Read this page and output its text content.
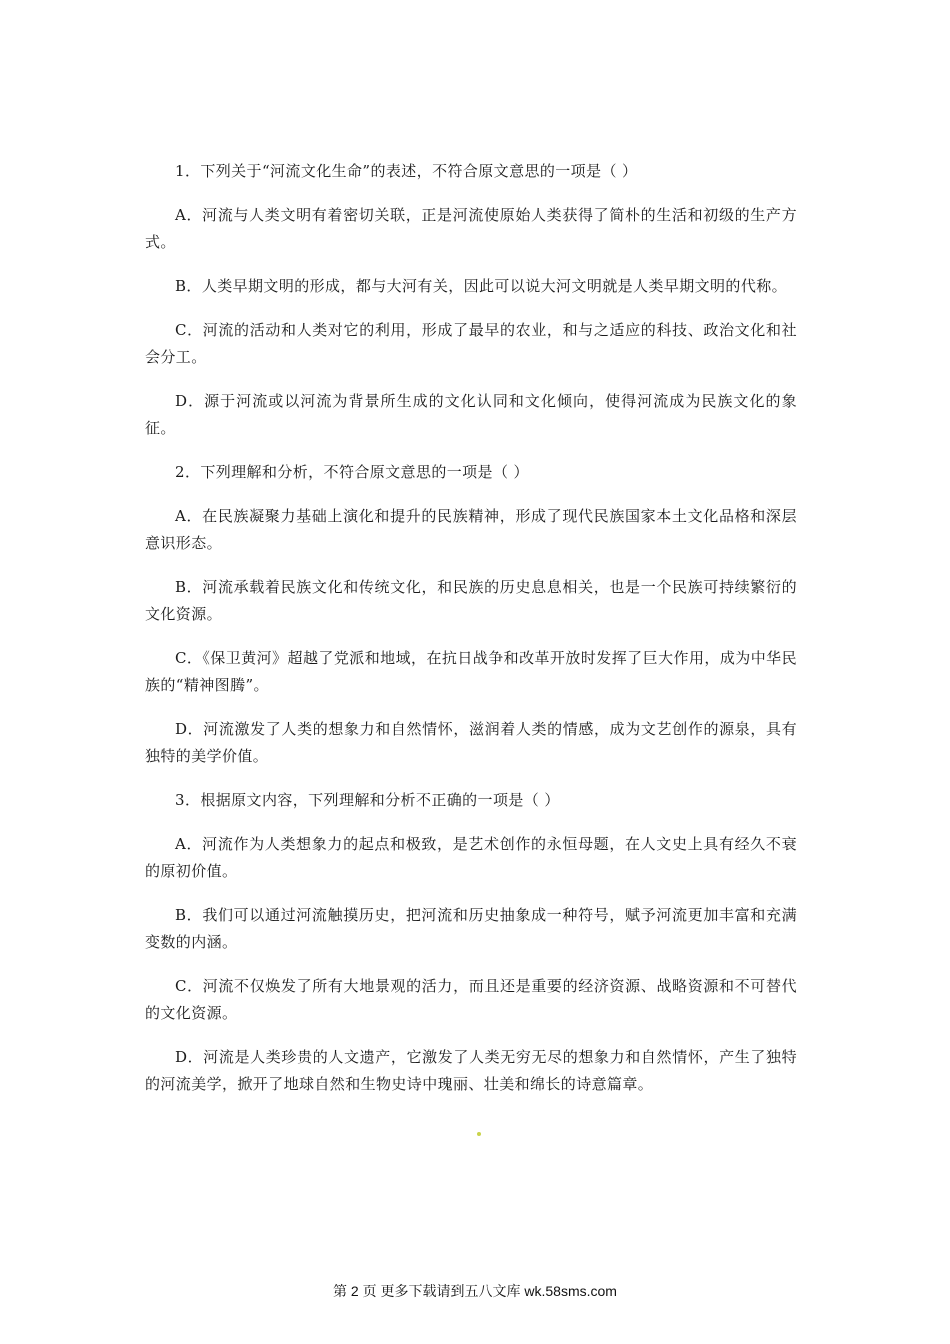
1．下列关于“河流文化生命”的表述，不符合原文意思的一项是（ ）

A．河流与人类文明有着密切关联，正是河流使原始人类获得了简朴的生活和初级的生产方式。

B．人类早期文明的形成，都与大河有关，因此可以说大河文明就是人类早期文明的代称。

C．河流的活动和人类对它的利用，形成了最早的农业，和与之适应的科技、政治文化和社会分工。

D．源于河流或以河流为背景所生成的文化认同和文化倾向，使得河流成为民族文化的象征。

2．下列理解和分析，不符合原文意思的一项是（ ）

A．在民族凝聚力基础上演化和提升的民族精神，形成了现代民族国家本土文化品格和深层意识形态。

B．河流承载着民族文化和传统文化，和民族的历史息息相关，也是一个民族可持续繁衍的文化资源。

C．《保卫黄河》超越了党派和地域，在抗日战争和改革开放时发挥了巨大作用，成为中华民族的“精神图腾”。

D．河流激发了人类的想象力和自然情怀，滋润着人类的情感，成为文艺创作的源泉，具有独特的美学价值。

3．根据原文内容，下列理解和分析不正确的一项是（ ）

A．河流作为人类想象力的起点和极致，是艺术创作的永恒母题，在人文史上具有经久不衰的原初价值。

B．我们可以通过河流触摸历史，把河流和历史抽象成一种符号，赋予河流更加丰富和充满变数的内涵。

C．河流不仅焕发了所有大地景观的活力，而且还是重要的经济资源、战略资源和不可替代的文化资源。

D．河流是人类珍贵的人文遗产，它激发了人类无穷无尽的想象力和自然情怀，产生了独特的河流美学，掀开了地球自然和生物史诗中瑰丽、壮美和绵长的诗意篇章。

第 2 页 更多下载请到五八文库 wk.58sms.com
